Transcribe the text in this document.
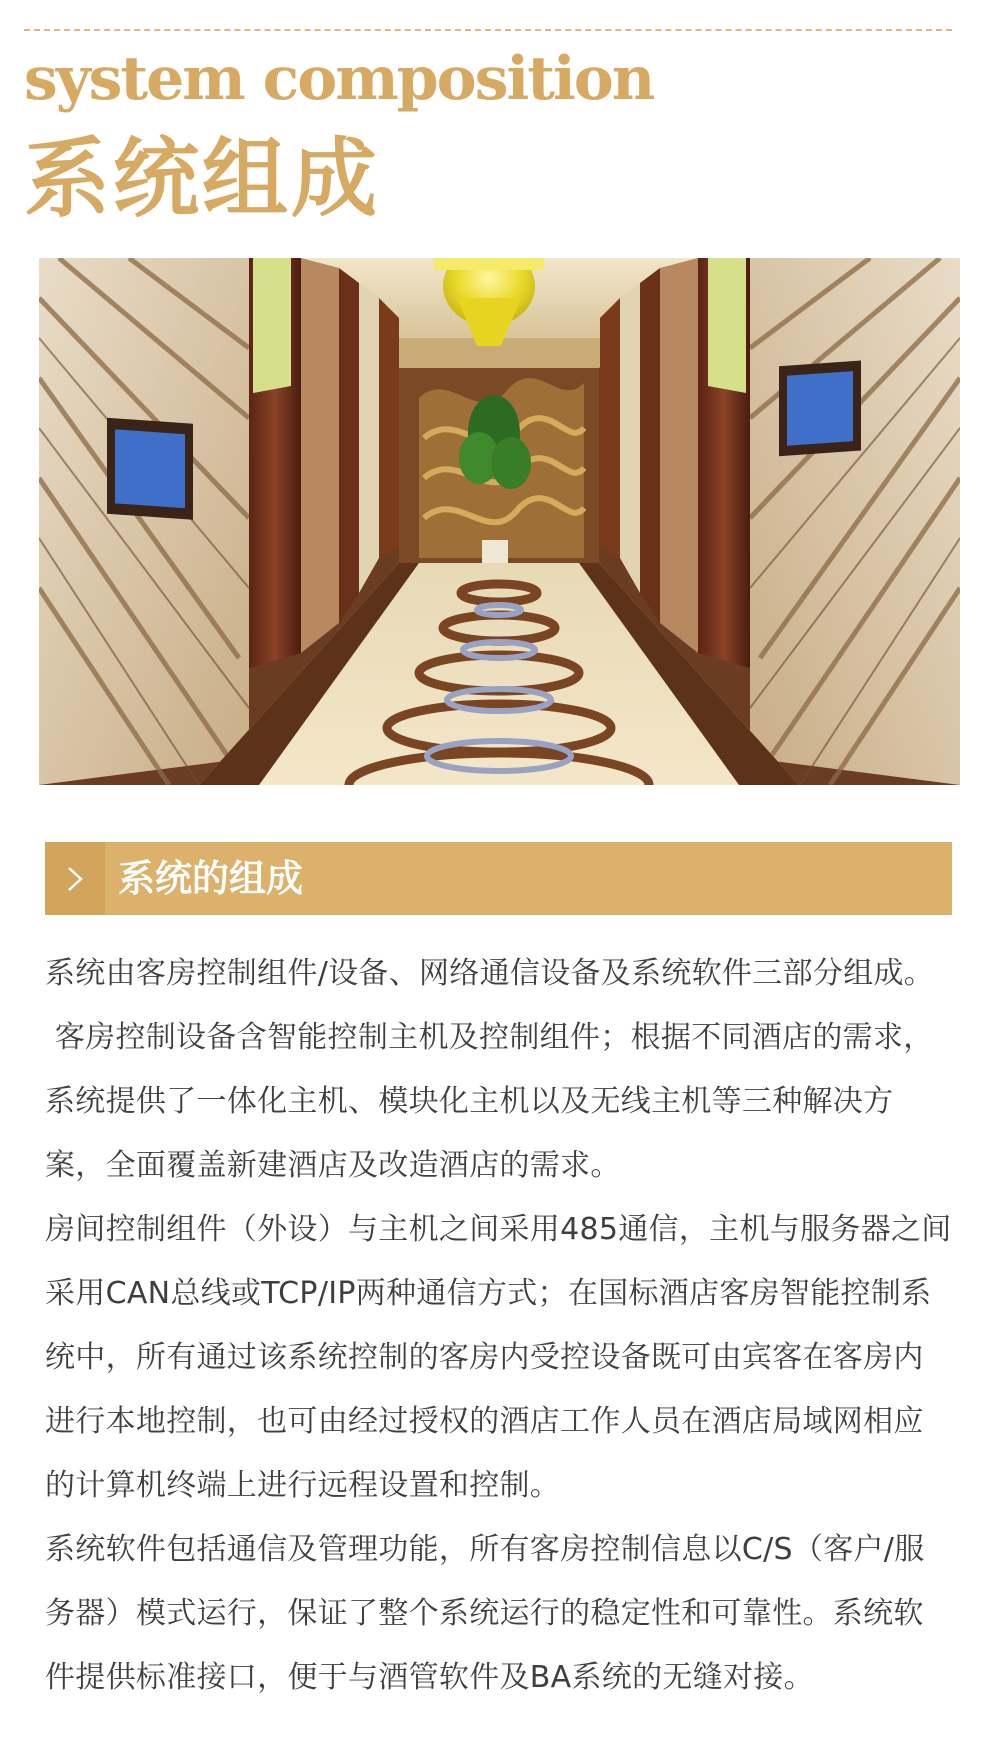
system composition
系统组成
系统的组成

系统由客房控制组件/设备、网络通信设备及系统软件三部分组成。

客房控制设备含智能控制主机及控制组件；根据不同酒店的需求，系统提供了一体化主机、模块化主机以及无线主机等三种解决方案，全面覆盖新建酒店及改造酒店的需求。

房间控制组件（外设）与主机之间采用485通信，主机与服务器之间采用CAN总线或TCP/IP两种通信方式；在国标酒店客房智能控制系统中，所有通过该系统控制的客房内受控设备既可由宾客在客房内进行本地控制，也可由经过授权的酒店工作人员在酒店局域网相应的计算机终端上进行远程设置和控制。

系统软件包括通信及管理功能，所有客房控制信息以C/S（客户/服务器）模式运行，保证了整个系统运行的稳定性和可靠性。系统软件提供标准接口，便于与酒管软件及BA系统的无缝对接。
